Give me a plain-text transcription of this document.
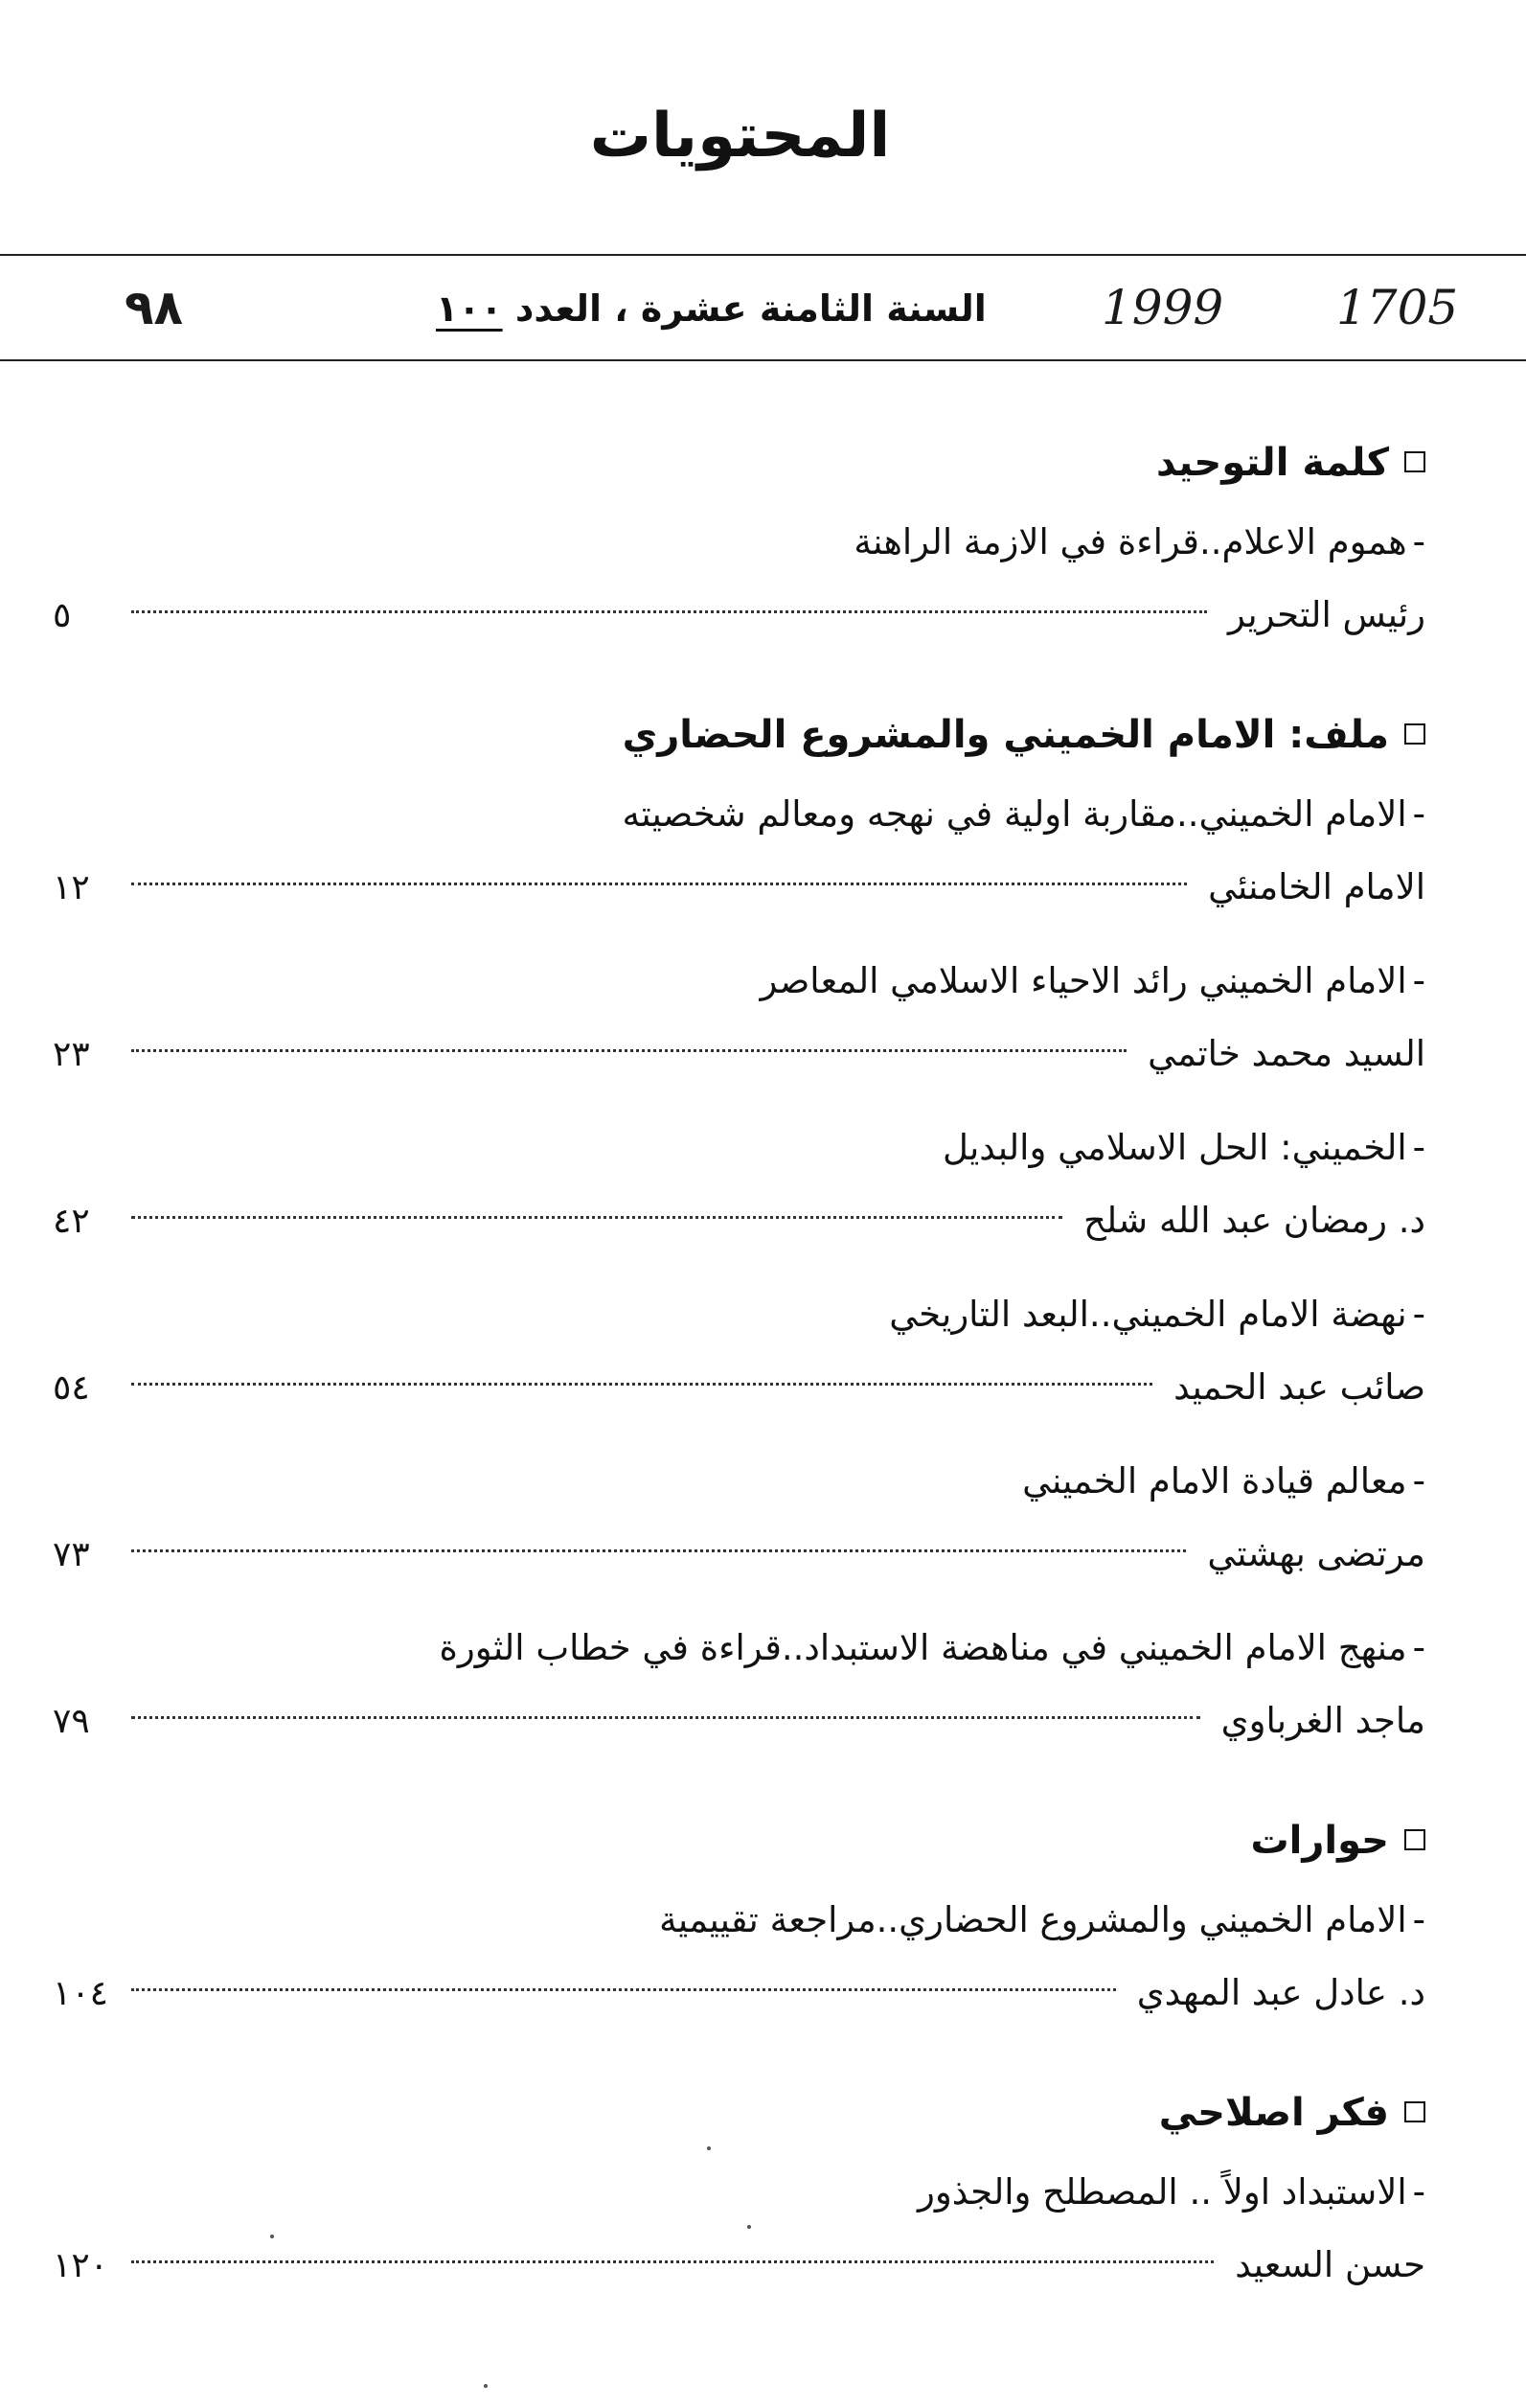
المحتويات
٩٨	السنة الثامنة عشرة ، العدد ١٠٠	1999 1705
كلمة التوحيد
‐هموم الاعلام..قراءة في الازمة الراهنة
رئيس التحرير
٥
ملف: الامام الخميني والمشروع الحضاري
‐الامام الخميني..مقاربة اولية في نهجه ومعالم شخصيته
الامام الخامنئي
١٢
‐الامام الخميني رائد الاحياء الاسلامي المعاصر
السيد محمد خاتمي
٢٣
‐الخميني: الحل الاسلامي والبديل
د. رمضان عبد الله شلح
٤٢
‐نهضة الامام الخميني..البعد التاريخي
صائب عبد الحميد
٥٤
‐معالم قيادة الامام الخميني
مرتضى بهشتي
٧٣
‐منهج الامام الخميني في مناهضة الاستبداد..قراءة في خطاب الثورة
ماجد الغرباوي
٧٩
حوارات
‐الامام الخميني والمشروع الحضاري..مراجعة تقييمية
د. عادل عبد المهدي
١٠٤
فكر اصلاحي
‐الاستبداد اولاً .. المصطلح والجذور
حسن السعيد
١٢٠
